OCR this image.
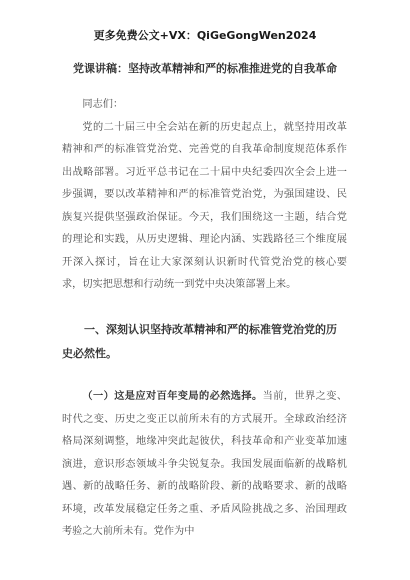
更多免费公文+VX：QiGeGongWen2024
党课讲稿：坚持改革精神和严的标准推进党的自我革命

同志们：

党的二十届三中全会站在新的历史起点上，就坚持用改革精神和严的标准管党治党、完善党的自我革命制度规范体系作出战略部署。习近平总书记在二十届中央纪委四次全会上进一步强调，要以改革精神和严的标准管党治党，为强国建设、民族复兴提供坚强政治保证。今天，我们围绕这一主题，结合党的理论和实践，从历史逻辑、理论内涵、实践路径三个维度展开深入探讨，旨在让大家深刻认识新时代管党治党的核心要求，切实把思想和行动统一到党中央决策部署上来。

一、深刻认识坚持改革精神和严的标准管党治党的历史必然性。

（一）这是应对百年变局的必然选择。当前，世界之变、时代之变、历史之变正以前所未有的方式展开。全球政治经济格局深刻调整，地缘冲突此起彼伏，科技革命和产业变革加速演进，意识形态领域斗争尖锐复杂。我国发展面临新的战略机遇、新的战略任务、新的战略阶段、新的战略要求、新的战略环境，改革发展稳定任务之重、矛盾风险挑战之多、治国理政考验之大前所未有。党作为中
